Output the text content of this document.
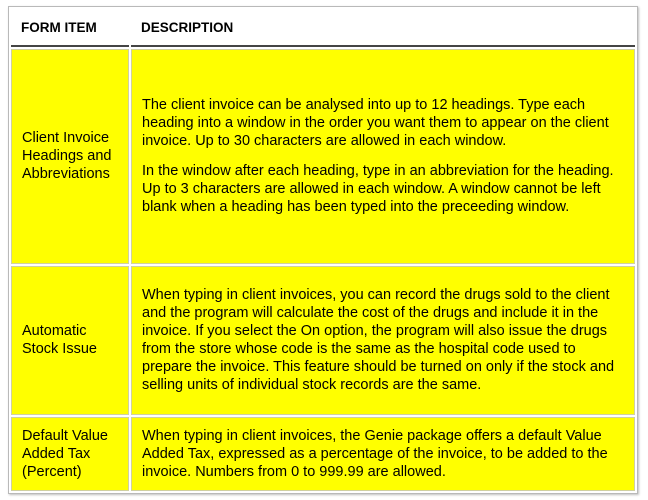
FORM ITEM	DESCRIPTION
Client Invoice Headings and Abbreviations	The client invoice can be analysed into up to 12 headings. Type each heading into a window in the order you want them to appear on the client invoice. Up to 30 characters are allowed in each window.

In the window after each heading, type in an abbreviation for the heading. Up to 3 characters are allowed in each window. A window cannot be left blank when a heading has been typed into the preceeding window.

Automatic Stock Issue	When typing in client invoices, you can record the drugs sold to the client and the program will calculate the cost of the drugs and include it in the invoice. If you select the On option, the program will also issue the drugs from the store whose code is the same as the hospital code used to prepare the invoice. This feature should be turned on only if the stock and selling units of individual stock records are the same.

Default Value Added Tax (Percent)	When typing in client invoices, the Genie package offers a default Value Added Tax, expressed as a percentage of the invoice, to be added to the invoice. Numbers from 0 to 999.99 are allowed.
